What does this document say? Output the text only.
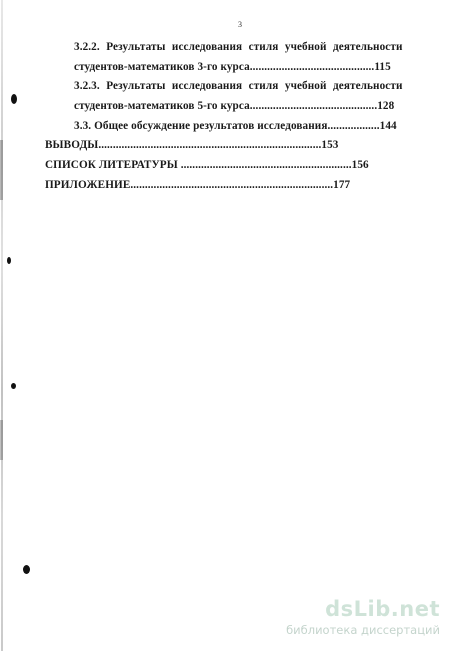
3
3.2.2. Результаты исследования стиля учебной деятельности
студентов-математиков 3-го курса...........................................115
3.2.3. Результаты исследования стиля учебной деятельности
студентов-математиков 5-го курса............................................128
3.3. Общее обсуждение результатов исследования..................144
ВЫВОДЫ.............................................................................153
СПИСОК ЛИТЕРАТУРЫ ...........................................................156
ПРИЛОЖЕНИЕ......................................................................177
dsLib.net
библиотека диссертаций
